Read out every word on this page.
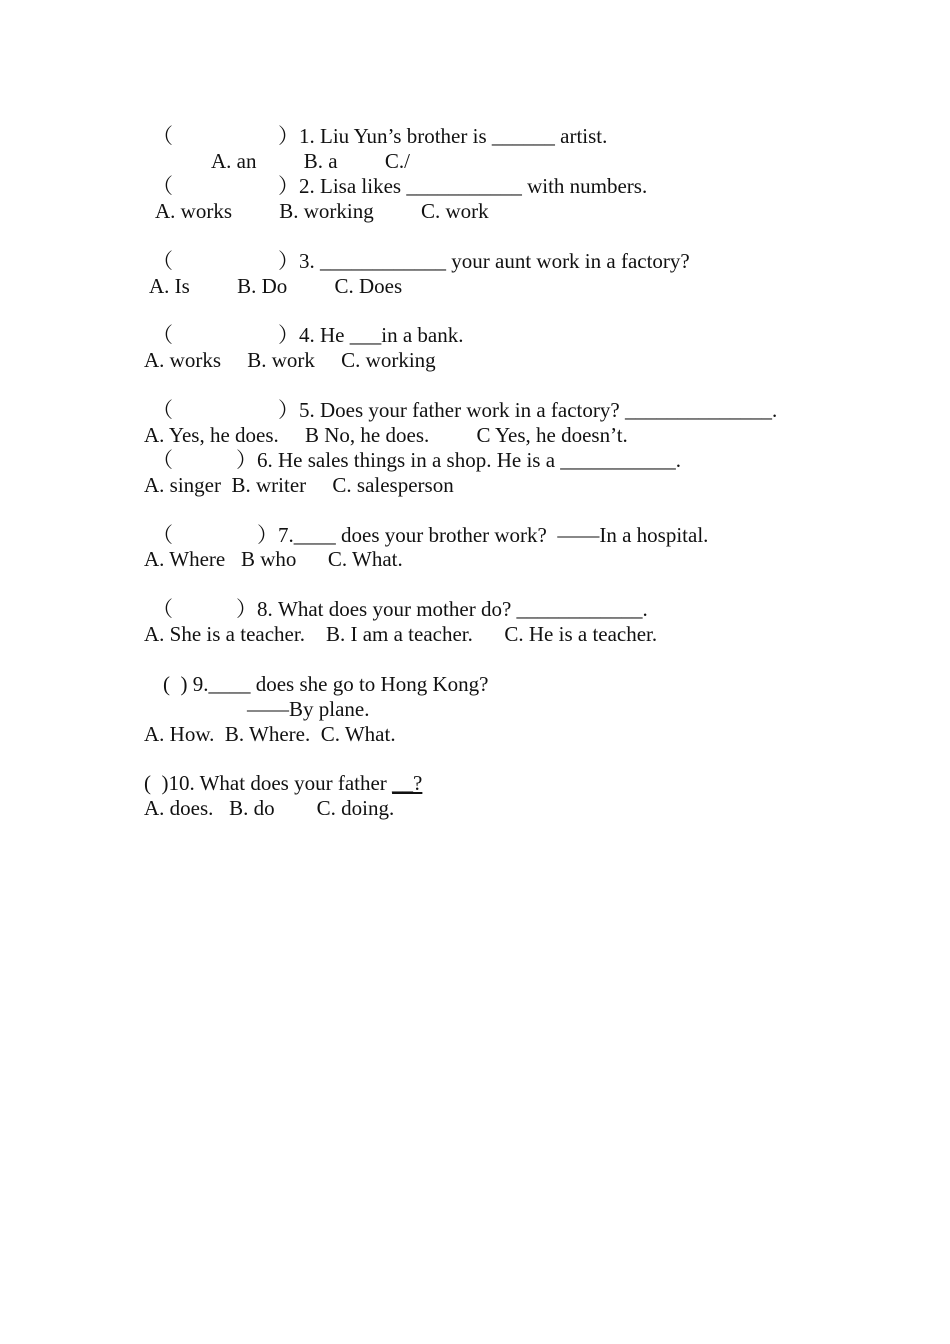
（　　　　　）1. Liu Yun’s brother is ______ artist.
A. an　　 B. a　　 C./
（　　　　　）2. Lisa likes ___________ with numbers.
A. works　　 B. working　　 C. work
（　　　　　）3. ____________ your aunt work in a factory?
A. Is　　 B. Do　　 C. Does
（　　　　　）4. He ___in a bank.
A. works　 B. work　 C. working
（　　　　　）5. Does your father work in a factory? ______________.
A. Yes, he does.　 B No, he does.　　 C Yes, he doesn’t.
（　　　）6. He sales things in a shop. He is a ___________.
A. singer  B. writer　 C. salesperson
（　　　　）7.____ does your brother work?  ——In a hospital.
A. Where   B who　  C. What.
（　　　）8. What does your mother do? ____________.
A. She is a teacher.　B. I am a teacher.　  C. He is a teacher.
(  ) 9.____ does she go to Hong Kong?
——By plane.
A. How.  B. Where.  C. What.
(  )10. What does your father __?
A. does.   B. do　　C. doing.
